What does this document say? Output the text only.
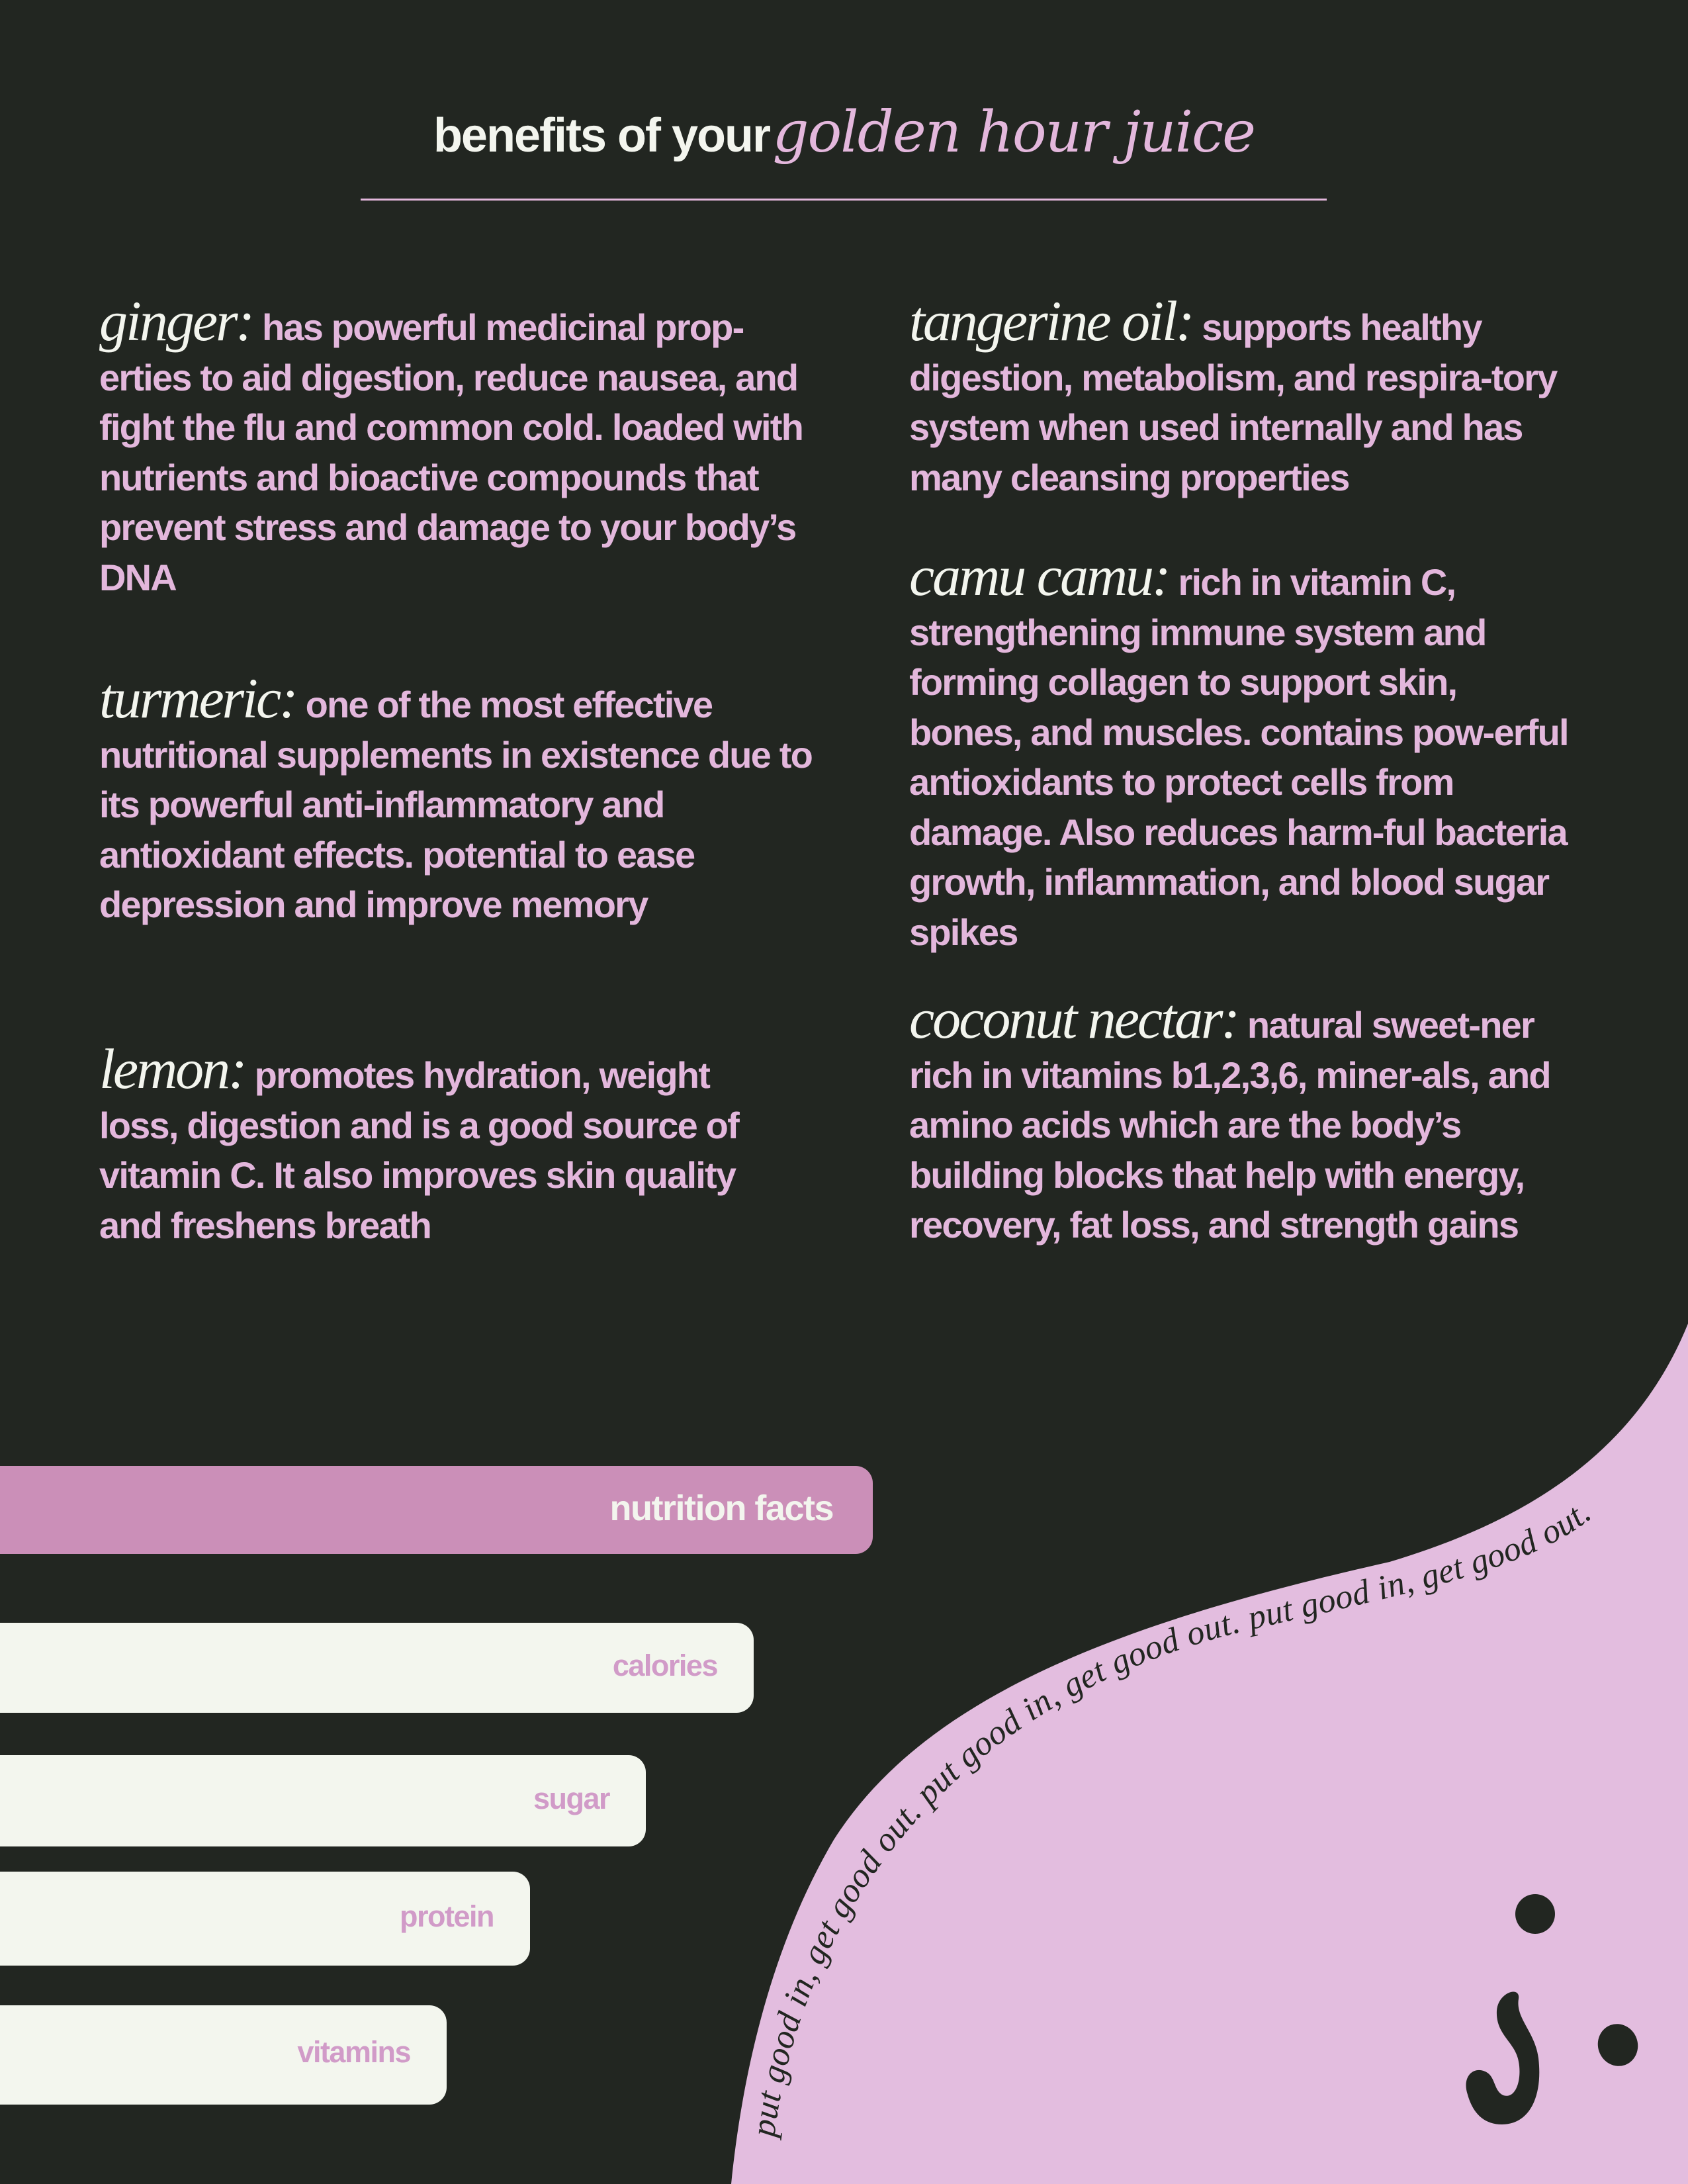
benefits of your golden hour juice
ginger: has powerful medicinal prop-erties to aid digestion, reduce nausea, and fight the flu and common cold. loaded with nutrients and bioactive compounds that prevent stress and damage to your body’s DNA
turmeric: one of the most effective nutritional supplements in existence due to its powerful anti-inflammatory and antioxidant effects. potential to ease depression and improve memory
lemon: promotes hydration, weight loss, digestion and is a good source of vitamin C. It also improves skin quality and freshens breath
tangerine oil: supports healthy digestion, metabolism, and respira-tory system when used internally and has many cleansing properties
camu camu: rich in vitamin C, strengthening immune system and forming collagen to support skin, bones, and muscles. contains pow-erful antioxidants to protect cells from damage. Also reduces harm-ful bacteria growth, inflammation, and blood sugar spikes
coconut nectar: natural sweet-ner rich in vitamins b1,2,3,6, miner-als, and amino acids which are the body’s building blocks that help with energy, recovery, fat loss, and strength gains
put good in, get good out. put good in, get good out. put good in, get good out.
nutrition facts
calories
sugar
protein
vitamins
